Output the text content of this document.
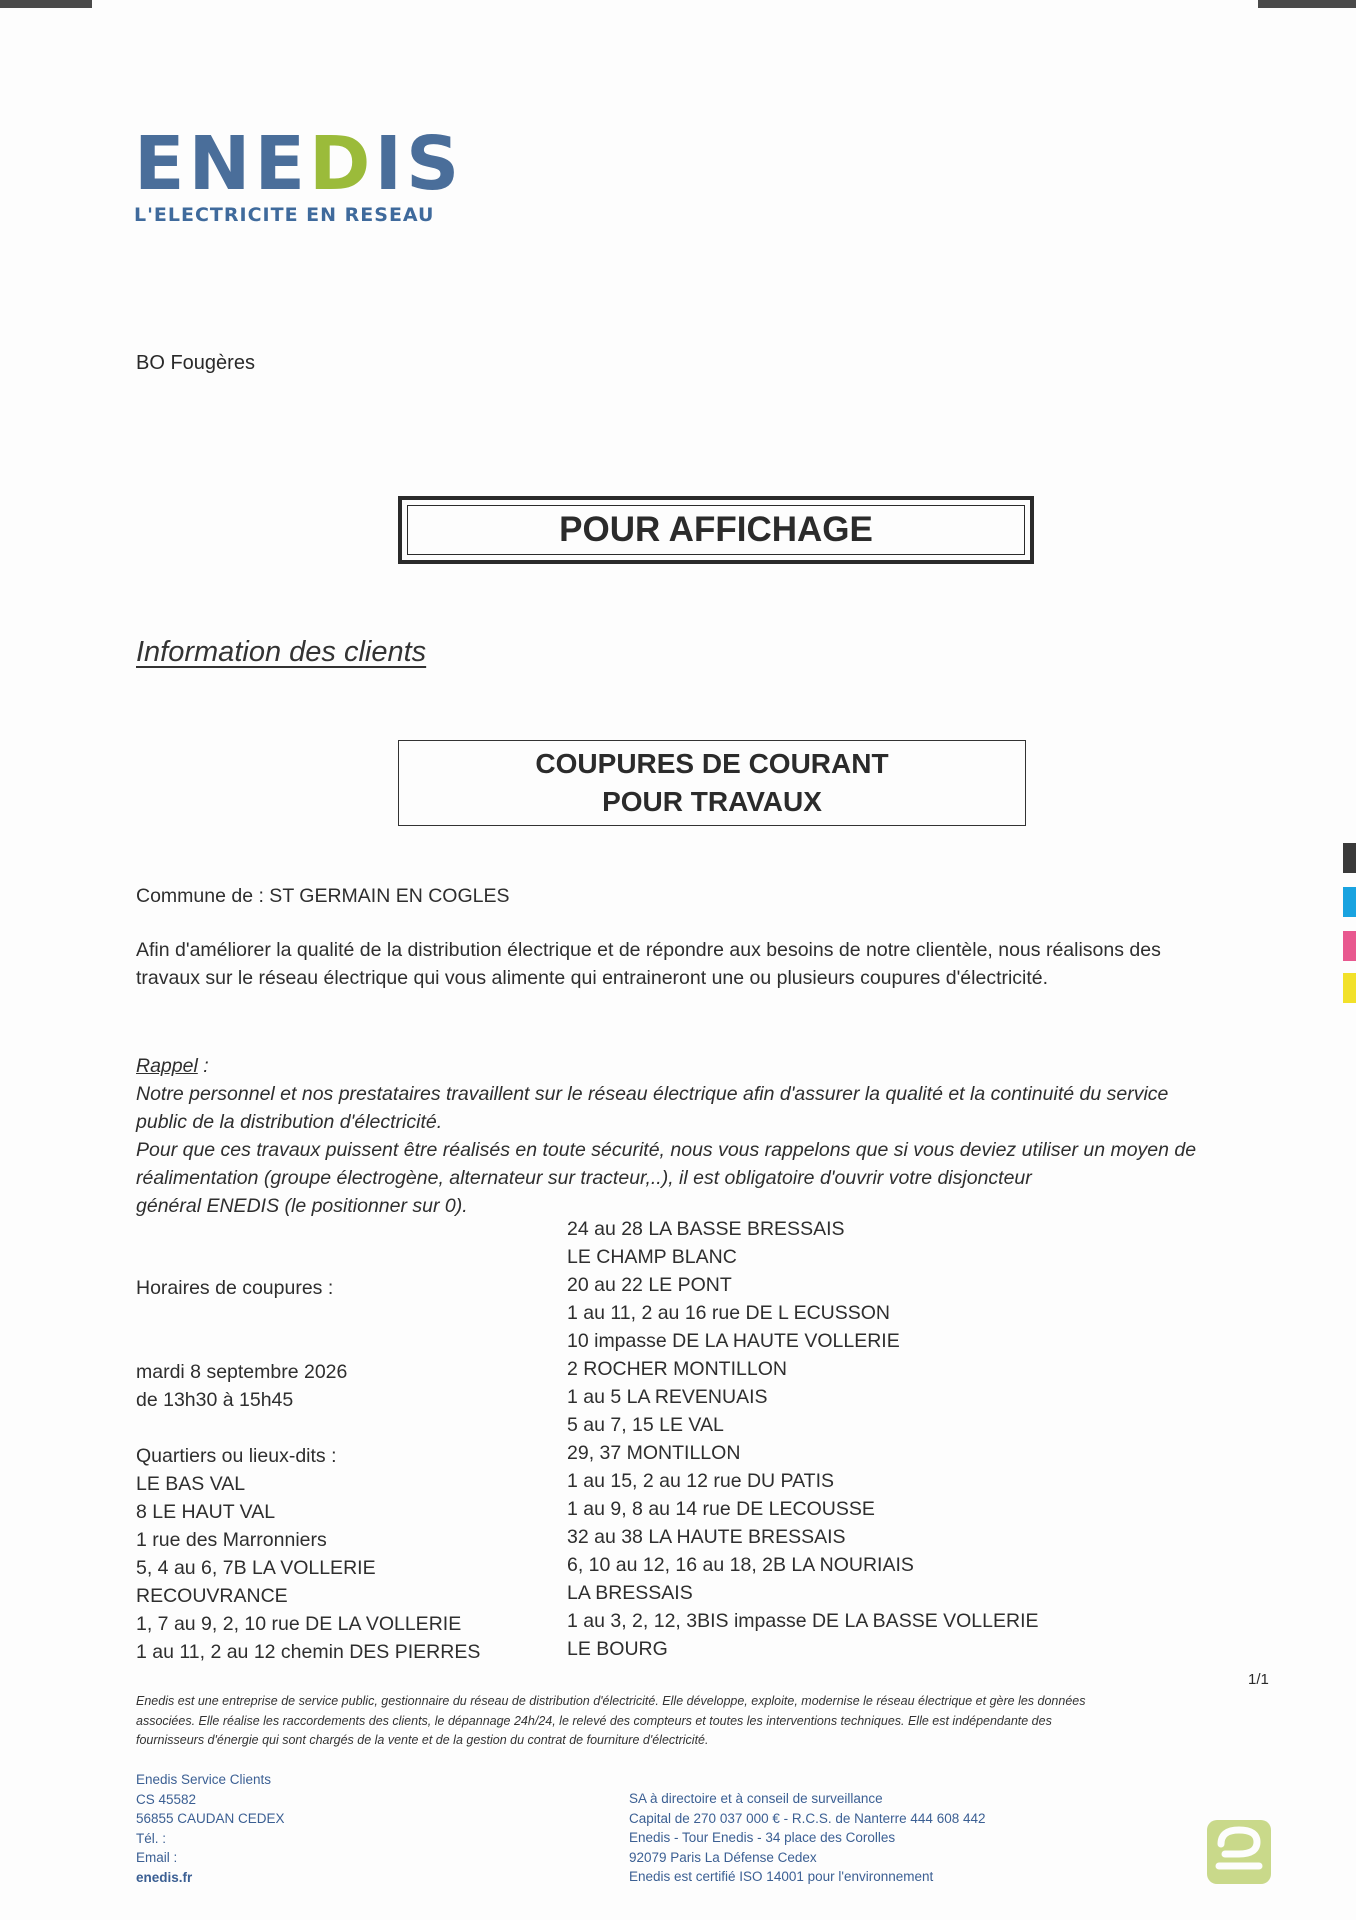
ENEDIS
L'ELECTRICITE EN RESEAU
BO Fougères
POUR AFFICHAGE
Information des clients
COUPURES DE COURANT
POUR TRAVAUX
Commune de : ST GERMAIN EN COGLES
Afin d'améliorer la qualité de la distribution électrique et de répondre aux besoins de notre clientèle, nous réalisons des
travaux sur le réseau électrique qui vous alimente qui entraineront une ou plusieurs coupures d'électricité.
Rappel :
Notre personnel et nos prestataires travaillent sur le réseau électrique afin d'assurer la qualité et la continuité du service
public de la distribution d'électricité.
Pour que ces travaux puissent être réalisés en toute sécurité, nous vous rappelons que si vous deviez utiliser un moyen de
réalimentation (groupe électrogène, alternateur sur tracteur,..), il est obligatoire d'ouvrir votre disjoncteur
général ENEDIS (le positionner sur 0).
Horaires de coupures :
mardi 8 septembre 2026
de 13h30 à 15h45
Quartiers ou lieux-dits :
LE BAS VAL
8 LE HAUT VAL
1 rue des Marronniers
5, 4 au 6, 7B LA VOLLERIE
RECOUVRANCE
1, 7 au 9, 2, 10 rue DE LA VOLLERIE
1 au 11, 2 au 12 chemin DES PIERRES
24 au 28 LA BASSE BRESSAIS
LE CHAMP BLANC
20 au 22 LE PONT
1 au 11, 2 au 16 rue DE L ECUSSON
10 impasse DE LA HAUTE VOLLERIE
2 ROCHER MONTILLON
1 au 5 LA REVENUAIS
5 au 7, 15 LE VAL
29, 37 MONTILLON
1 au 15, 2 au 12 rue DU PATIS
1 au 9, 8 au 14 rue DE LECOUSSE
32 au 38 LA HAUTE BRESSAIS
6, 10 au 12, 16 au 18, 2B LA NOURIAIS
LA BRESSAIS
1 au 3, 2, 12, 3BIS impasse DE LA BASSE VOLLERIE
LE BOURG
1/1
Enedis est une entreprise de service public, gestionnaire du réseau de distribution d'électricité. Elle développe, exploite, modernise le réseau électrique et gère les données
associées. Elle réalise les raccordements des clients, le dépannage 24h/24, le relevé des compteurs et toutes les interventions techniques. Elle est indépendante des
fournisseurs d'énergie qui sont chargés de la vente et de la gestion du contrat de fourniture d'électricité.
Enedis Service Clients
CS 45582
56855 CAUDAN CEDEX
Tél. :
Email :
enedis.fr
SA à directoire et à conseil de surveillance
Capital de 270 037 000 € - R.C.S. de Nanterre 444 608 442
Enedis - Tour Enedis - 34 place des Corolles
92079 Paris La Défense Cedex
Enedis est certifié ISO 14001 pour l'environnement
